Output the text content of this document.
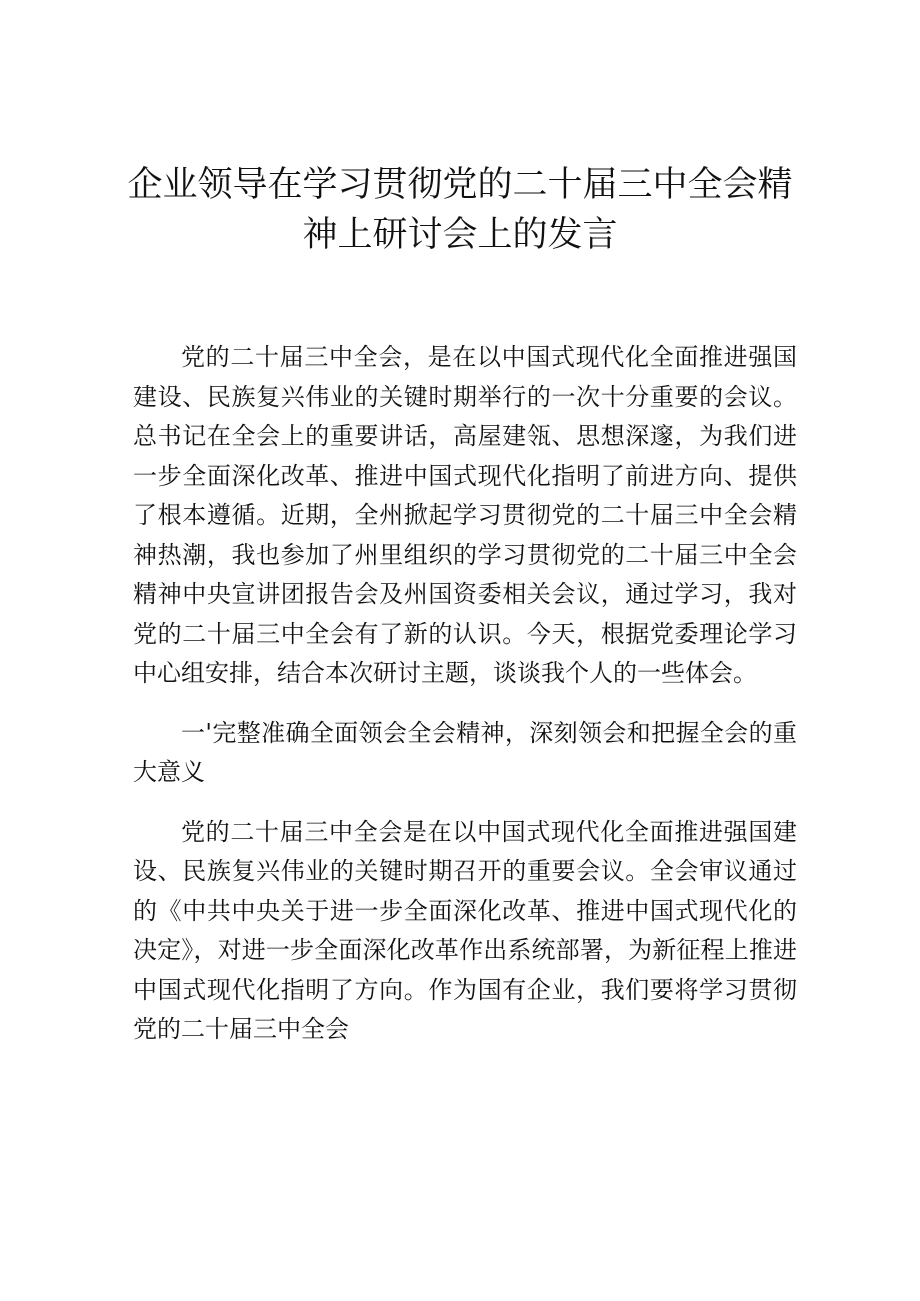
企业领导在学习贯彻党的二十届三中全会精
神上研讨会上的发言

党的二十届三中全会，是在以中国式现代化全面推进强国建设、民族复兴伟业的关键时期举行的一次十分重要的会议。总书记在全会上的重要讲话，高屋建瓴、思想深邃，为我们进一步全面深化改革、推进中国式现代化指明了前进方向、提供了根本遵循。近期，全州掀起学习贯彻党的二十届三中全会精神热潮，我也参加了州里组织的学习贯彻党的二十届三中全会精神中央宣讲团报告会及州国资委相关会议，通过学习，我对党的二十届三中全会有了新的认识。今天，根据党委理论学习中心组安排，结合本次研讨主题，谈谈我个人的一些体会。

一'完整准确全面领会全会精神，深刻领会和把握全会的重大意义

党的二十届三中全会是在以中国式现代化全面推进强国建设、民族复兴伟业的关键时期召开的重要会议。全会审议通过的《中共中央关于进一步全面深化改革、推进中国式现代化的决定》，对进一步全面深化改革作出系统部署，为新征程上推进中国式现代化指明了方向。作为国有企业，我们要将学习贯彻党的二十届三中全会
